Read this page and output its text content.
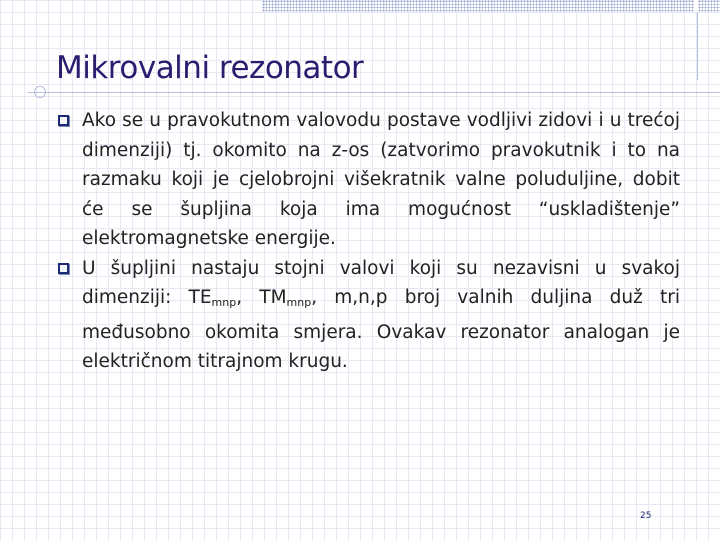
Mikrovalni rezonator
Ako se u pravokutnom valovodu postave vodljivi zidovi i u trećoj dimenziji) tj. okomito na z-os (zatvorimo pravokutnik i to na razmaku koji je cjelobrojni višekratnik valne poluduljine, dobit će se šupljina koja ima mogućnost “uskladištenje” elektromagnetske energije.
U šupljini nastaju stojni valovi koji su nezavisni u svakoj dimenziji: $TE_{mnp}$, $TM_{mnp}$, m,n,p broj valnih duljina duž tri međusobno okomita smjera. Ovakav rezonator analogan je električnom titrajnom krugu.
25
